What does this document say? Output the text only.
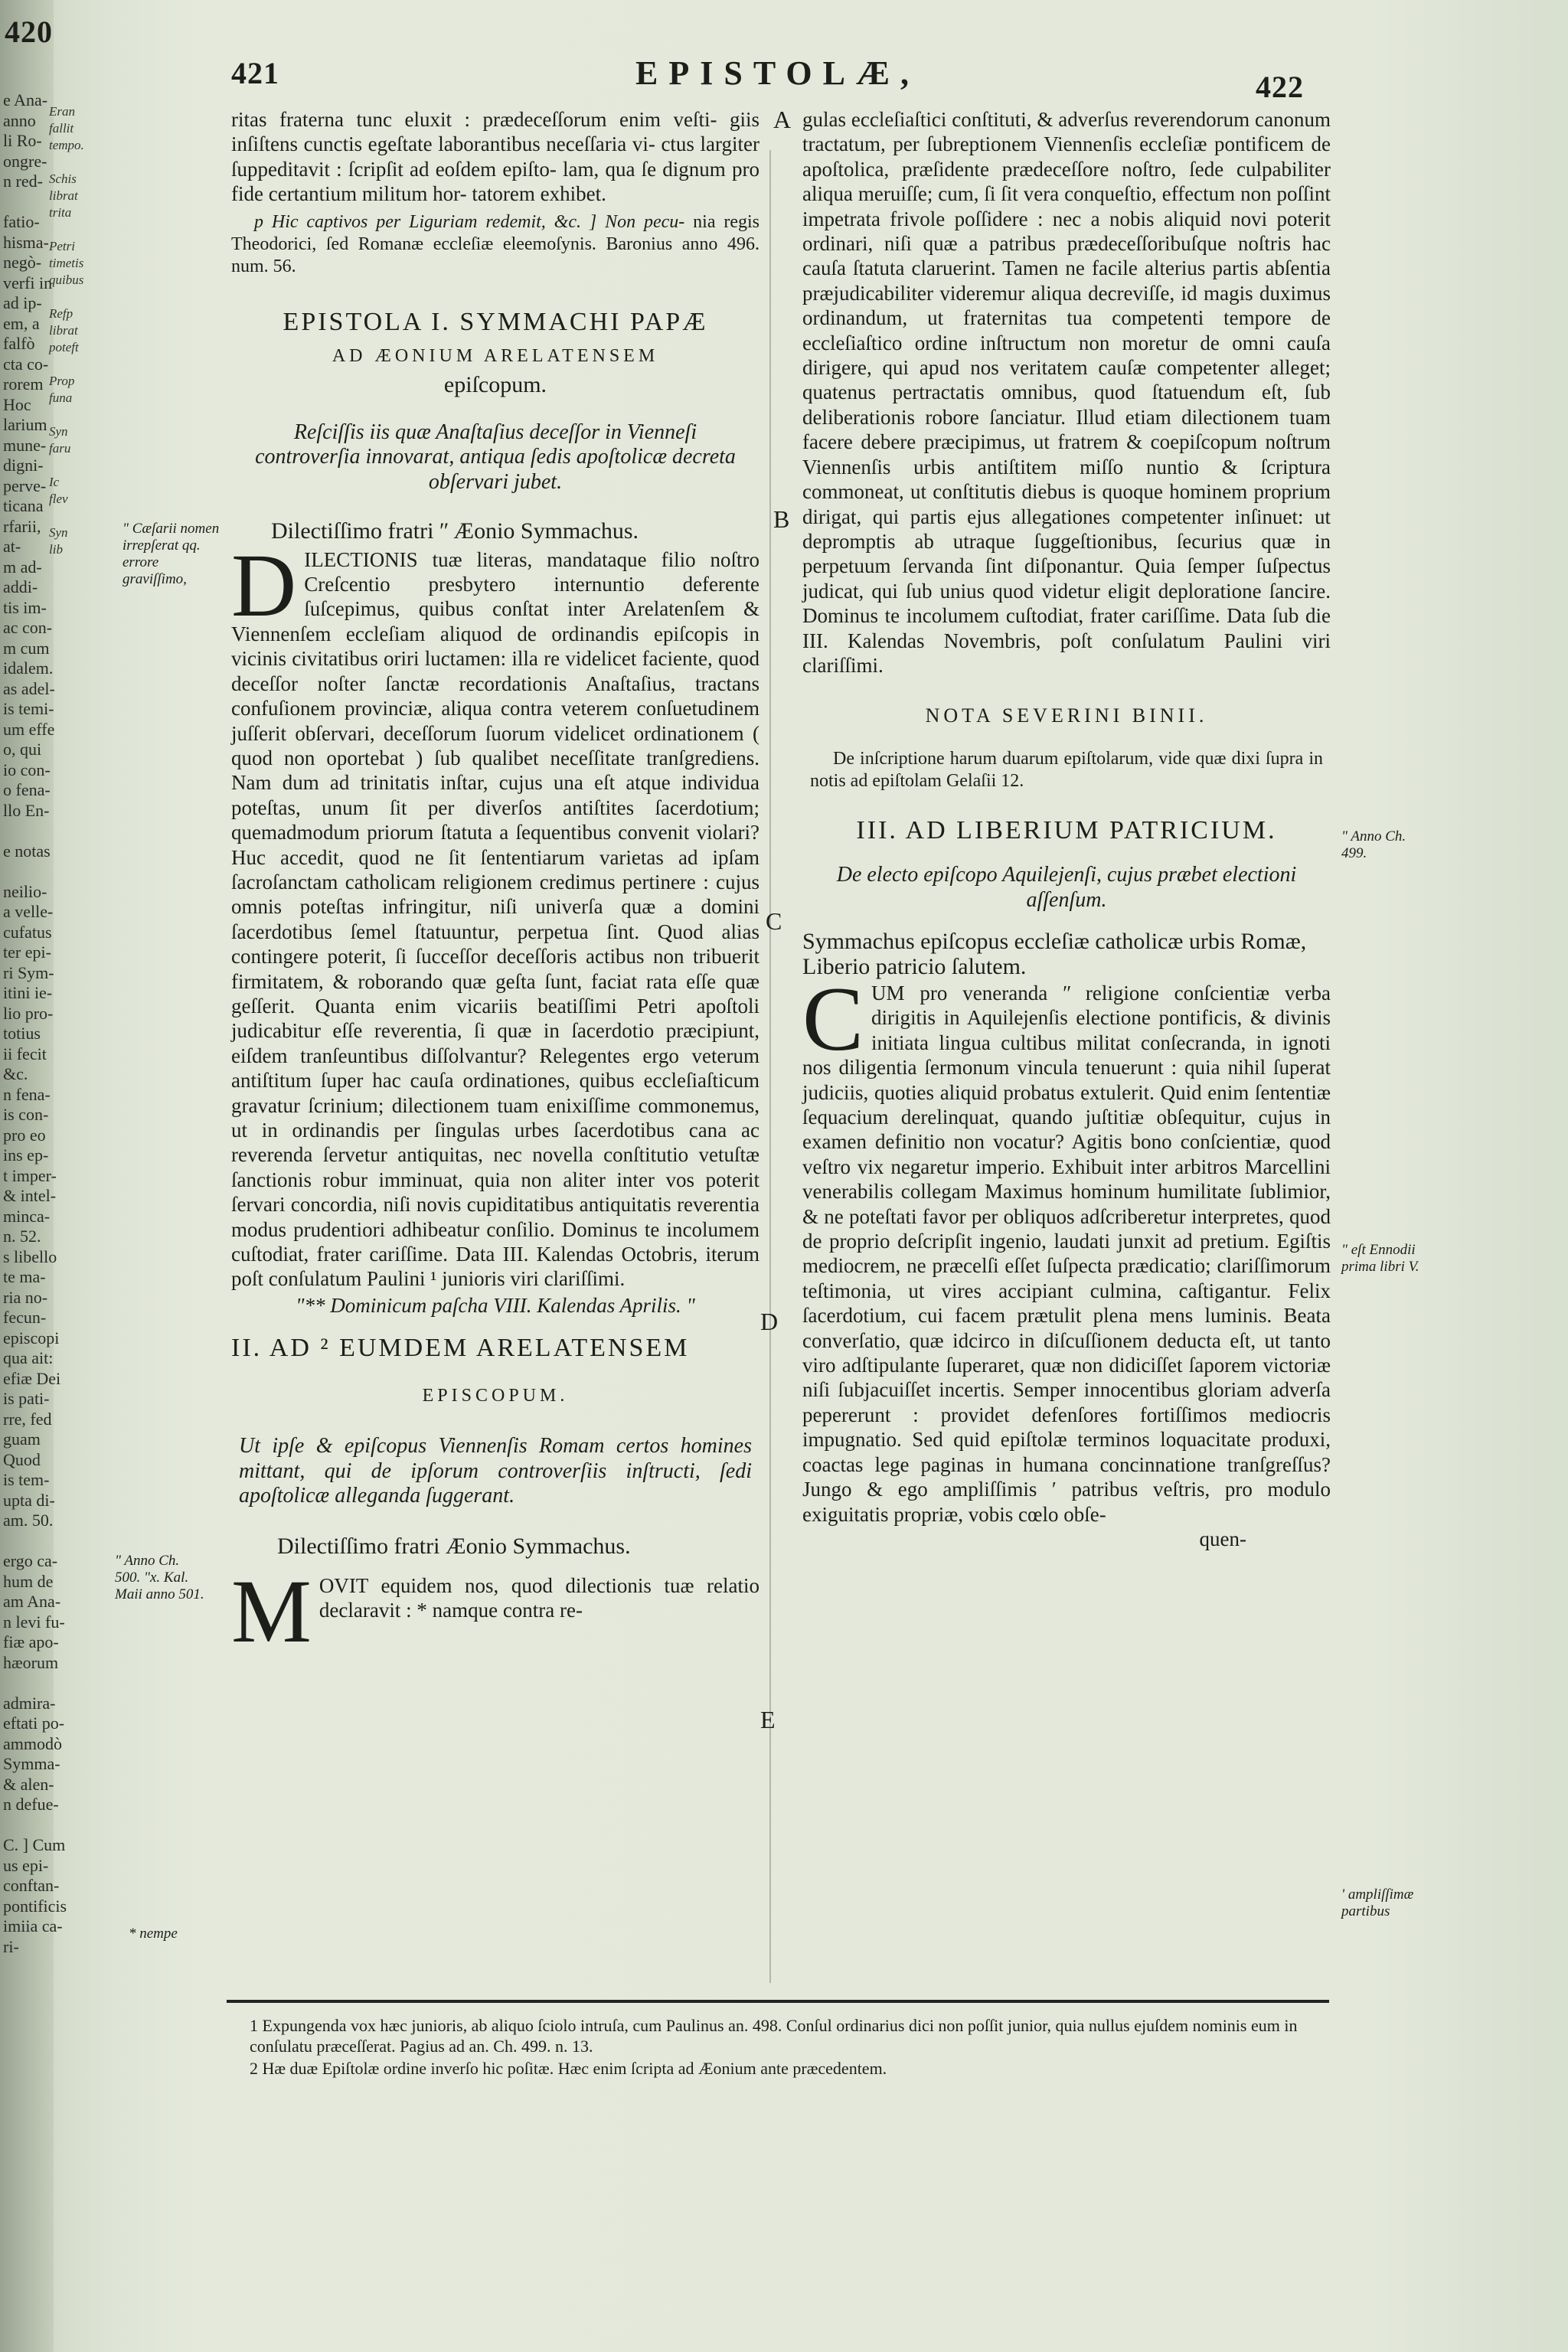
420
e Ana-
anno
li Ro-
ongre-
n red-

fatio-
hisma-
negò-
verfi in
ad ip-
em, a
falfò
cta co-
rorem
Hoc
larium
mune-
digni-
perve-
ticana
rfarii,
at-
m ad-
addi-
tis im-
ac con-
m cum
idalem.
as adel-
is temi-
um effe
o, qui
io con-
o fena-
llo En-

e notas

neilio-
a velle-
cufatus
ter epi-
ri Sym-
itini ie-
lio pro-
totius
ii fecit
&c.
n fena-
is con-
pro eo
ins ep-
t imper-
& intel-
minca-
n. 52.
s libello
te ma-
ria no-
fecun-
episcopi
qua ait:
efiæ Dei
is pati-
rre, fed
guam
Quod
is tem-
upta di-
am. 50.

ergo ca-
hum de
am Ana-
n levi fu-
fiæ apo-
hæorum

admira-
eftati po-
ammodò
Symma-
& alen-
n defue-

C. ] Cum
us epi-
conftan-
pontificis
imiia ca-
ri-
Eran
fallit
tempo.

Schis
librat
trita

Petri
timetis
quibus

Refp
librat
poteft

Prop
funa

Syn
faru

Ic
flev

Syn
lib
421	EPISTOLÆ,	422

ritas fraterna tunc eluxit : prædeceſſorum enim veſti- giis inſiſtens cunctis egeſtate laborantibus neceſſaria vi- ctus largiter ſuppeditavit : ſcripſit ad eoſdem epiſto- lam, qua ſe dignum pro fide certantium militum hor- tatorem exhibet.

p Hic captivos per Liguriam redemit, &c. ] Non pecu- nia regis Theodorici, ſed Romanæ eccleſiæ eleemoſynis. Baronius anno 496. num. 56.

EPISTOLA I. SYMMACHI PAPÆ
AD ÆONIUM ARELATENSEM
epiſcopum.

Reſciſſis iis quæ Anaſtaſius deceſſor in Vienneſi controverſia innovarat, antiqua ſedis apoſtolicæ decreta obſervari jubet.

Dilectiſſimo fratri ʺ Æonio Symmachus.

DILECTIONIS tuæ literas, mandataque filio noſtro Creſcentio presbytero internuntio deferente ſuſcepimus, quibus conſtat inter Arelatenſem & Viennenſem eccleſiam aliquod de ordinandis epiſcopis in vicinis civitatibus oriri luctamen: illa re videlicet faciente, quod deceſſor noſter ſanctæ recordationis Anaſtaſius, tractans confuſionem provinciæ, aliqua contra veterem conſuetudinem juſſerit obſervari, deceſſorum ſuorum videlicet ordinationem ( quod non oportebat ) ſub qualibet neceſſitate tranſgrediens. Nam dum ad trinitatis inſtar, cujus una eſt atque individua poteſtas, unum ſit per diverſos antiſtites ſacerdotium; quemadmodum priorum ſtatuta a ſequentibus convenit violari? Huc accedit, quod ne ſit ſententiarum varietas ad ipſam ſacroſanctam catholicam religionem credimus pertinere : cujus omnis poteſtas infringitur, niſi univerſa quæ a domini ſacerdotibus ſemel ſtatuuntur, perpetua ſint. Quod alias contingere poterit, ſi ſucceſſor deceſſoris actibus non tribuerit firmitatem, & roborando quæ geſta ſunt, faciat rata eſſe quæ geſſerit. Quanta enim vicariis beatiſſimi Petri apoſtoli judicabitur eſſe reverentia, ſi quæ in ſacerdotio præcipiunt, eiſdem tranſeuntibus diſſolvantur? Relegentes ergo veterum antiſtitum ſuper hac cauſa ordinationes, quibus eccleſiaſticum gravatur ſcrinium; dilectionem tuam enixiſſime commonemus, ut in ordinandis per ſingulas urbes ſacerdotibus cana ac reverenda ſervetur antiquitas, nec novella conſtitutio vetuſtæ ſanctionis robur imminuat, quia non aliter inter vos poterit ſervari concordia, niſi novis cupiditatibus antiquitatis reverentia modus prudentiori adhibeatur conſilio. Dominus te incolumem cuſtodiat, frater cariſſime. Data III. Kalendas Octobris, iterum poſt conſulatum Paulini ¹ junioris viri clariſſimi.

ʺ** Dominicum paſcha VIII. Kalendas Aprilis. ʺ

II. AD ² EUMDEM ARELATENSEM
EPISCOPUM.

Ut ipſe & epiſcopus Viennenſis Romam certos homines mittant, qui de ipſorum controverſiis inſtructi, ſedi apoſtolicæ allegandа ſuggerant.

Dilectiſſimo fratri Æonio Symmachus.

MOVIT equidem nos, quod dilectionis tuæ relatio declaravit : * namque contra re-

gulas eccleſiaſtici conſtituti, & adverſus reverendorum canonum tractatum, per ſubreptionem Viennenſis eccleſiæ pontificem de apoſtolica, præſidente prædeceſſore noſtro, ſede culpabiliter aliqua meruiſſe; cum, ſi ſit vera conqueſtio, effectum non poſſint impetrata frivole poſſidere : nec a nobis aliquid novi poterit ordinari, niſi quæ a patribus prædeceſſoribuſque noſtris hac cauſa ſtatuta claruerint. Tamen ne facile alterius partis abſentia præjudicabiliter videremur aliqua decreviſſe, id magis duximus ordinandum, ut fraternitas tua competenti tempore de eccleſiaſtico ordine inſtructum non moretur de omni cauſa dirigere, qui apud nos veritatem cauſæ competenter alleget; quatenus pertractatis omnibus, quod ſtatuendum eſt, ſub deliberationis robore ſanciatur. Illud etiam dilectionem tuam facere debere præcipimus, ut fratrem & coepiſcopum noſtrum Viennenſis urbis antiſtitem miſſo nuntio & ſcriptura commoneat, ut conſtitutis diebus is quoque hominem proprium dirigat, qui partis ejus allegationes competenter inſinuet: ut depromptis ab utraque ſuggeſtionibus, ſecurius quæ in perpetuum ſervanda ſint diſponantur. Quia ſemper ſuſpectus judicat, qui ſub unius quod videtur eligit deploratione ſancire. Dominus te incolumem cuſtodiat, frater cariſſime. Data ſub die III. Kalendas Novembris, poſt conſulatum Paulini viri clariſſimi.

NOTA SEVERINI BINII.

De inſcriptione harum duarum epiſtolarum, vide quæ dixi ſupra in notis ad epiſtolam Gelaſii 12.

III. AD LIBERIUM PATRICIUM.

De electo epiſcopo Aquilejenſi, cujus præbet electioni aſſenſum.

Symmachus epiſcopus eccleſiæ catholicæ urbis Romæ, Liberio patricio ſalutem.

CUM pro veneranda ʺ religione conſcientiæ verba dirigitis in Aquilejenſis electione pontificis, & divinis initiata lingua cultibus militat conſecranda, in ignoti nos diligentia ſermonum vincula tenuerunt : quia nihil ſuperat judiciis, quoties aliquid probatus extulerit. Quid enim ſententiæ ſequacium derelinquat, quando juſtitiæ obſequitur, cujus in examen definitio non vocatur? Agitis bono conſcientiæ, quod veſtro vix negaretur imperio. Exhibuit inter arbitros Marcellini venerabilis collegam Maximus hominum humilitate ſublimior, & ne poteſtati favor per obliquos adſcriberetur interpretes, quod de proprio deſcripſit ingenio, laudati junxit ad pretium. Egiſtis mediocrem, ne præcelſi eſſet ſuſpecta prædicatio; clariſſimorum teſtimonia, ut vires accipiant culmina, caſtigantur. Felix ſacerdotium, cui facem prætulit plena mens luminis. Beata converſatio, quæ idcirco in diſcuſſionem deducta eſt, ut tanto viro adſtipulante ſuperaret, quæ non didiciſſet ſaporem victoriæ niſi ſubjacuiſſet incertis. Semper innocentibus gloriam adverſa pepererunt : providet defenſores fortiſſimos mediocris impugnatio. Sed quid epiſtolæ terminos loquacitate produxi, coactas lege paginas in humana concinnatione tranſgreſſus? Jungo & ego ampliſſimis ʹ patribus veſtris, pro modulo exiguitatis propriæ, vobis cœlo obſe-

quen-

A
B
C
D
E
ʺ Cæſarii nomen irrepſerat qq. errore graviſſimo,
ʺ Anno Ch. 500. ʺx. Kal. Maii anno 501.
* nempe
ʺ Anno Ch. 499.
ʺ eſt Ennodii prima libri V.
ʹ ampliſſimæ partibus
1 Expungenda vox hæc junioris, ab aliquo ſciolo intruſa, cum Paulinus an. 498. Conſul ordinarius dici non poſſit junior, quia nullus ejuſdem nominis eum in conſulatu præceſſerat. Pagius ad an. Ch. 499. n. 13.
2 Hæ duæ Epiſtolæ ordine inverſo hic poſitæ. Hæc enim ſcripta ad Æonium ante præcedentem.
